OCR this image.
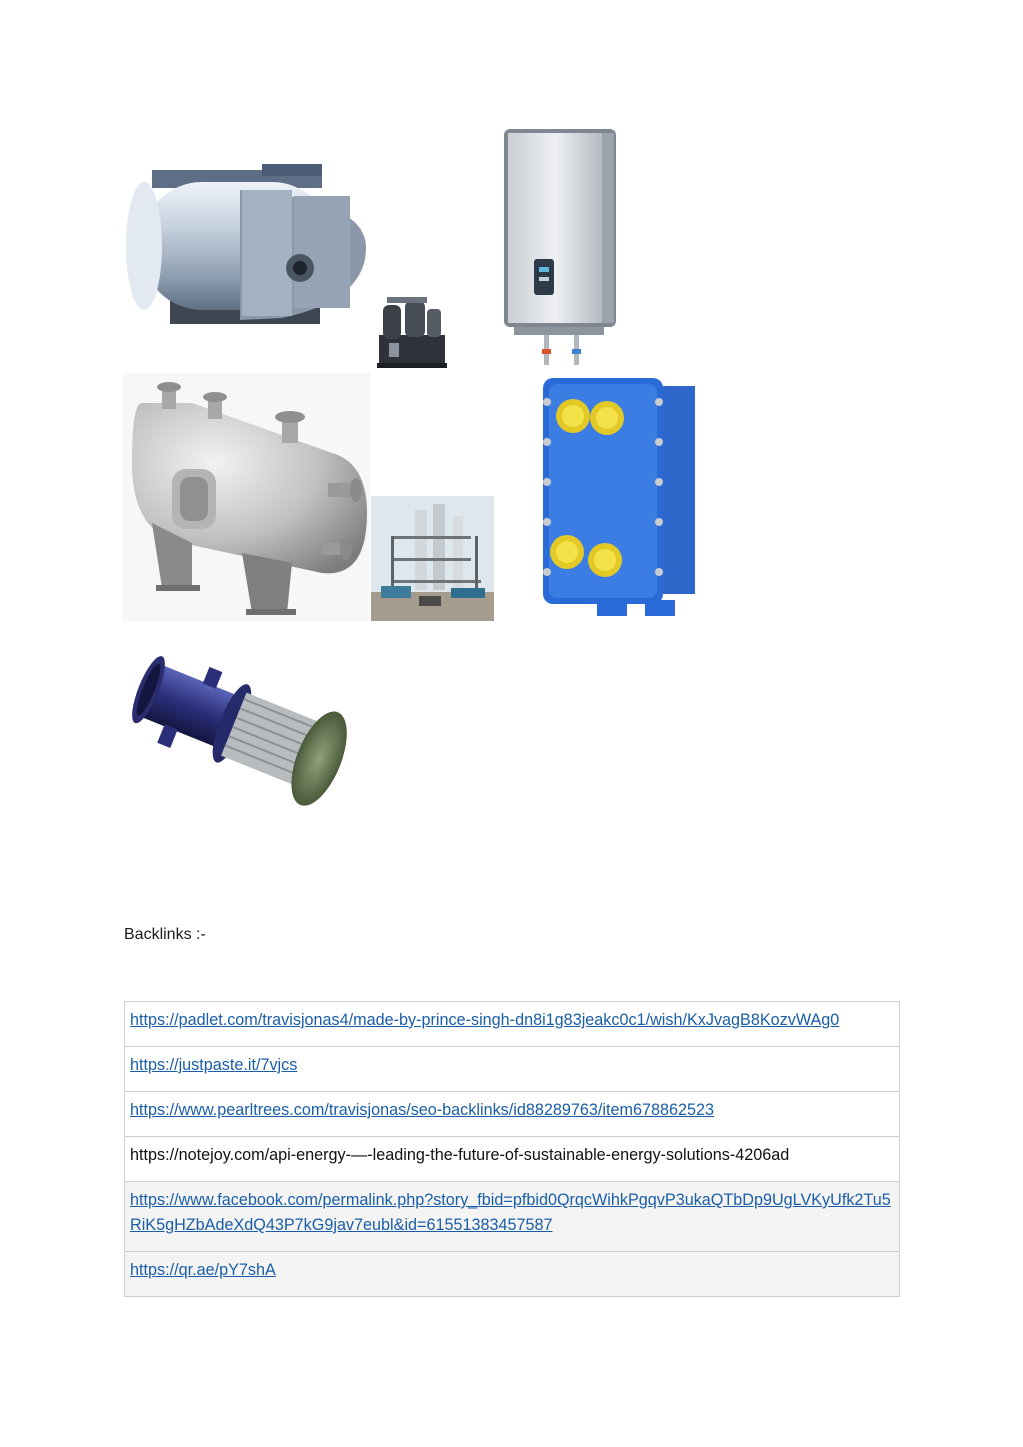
Backlinks :-
https://padlet.com/travisjonas4/made-by-prince-singh-dn8i1g83jeakc0c1/wish/KxJvagB8KozvWAg0
https://justpaste.it/7vjcs
https://www.pearltrees.com/travisjonas/seo-backlinks/id88289763/item678862523
https://notejoy.com/api-energy-—-leading-the-future-of-sustainable-energy-solutions-4206ad
https://www.facebook.com/permalink.php?story_fbid=pfbid0QrqcWihkPgqvP3ukaQTbDp9UgLVKyUfk2Tu5RiK5gHZbAdeXdQ43P7kG9jav7eubl&id=61551383457587
https://qr.ae/pY7shA
